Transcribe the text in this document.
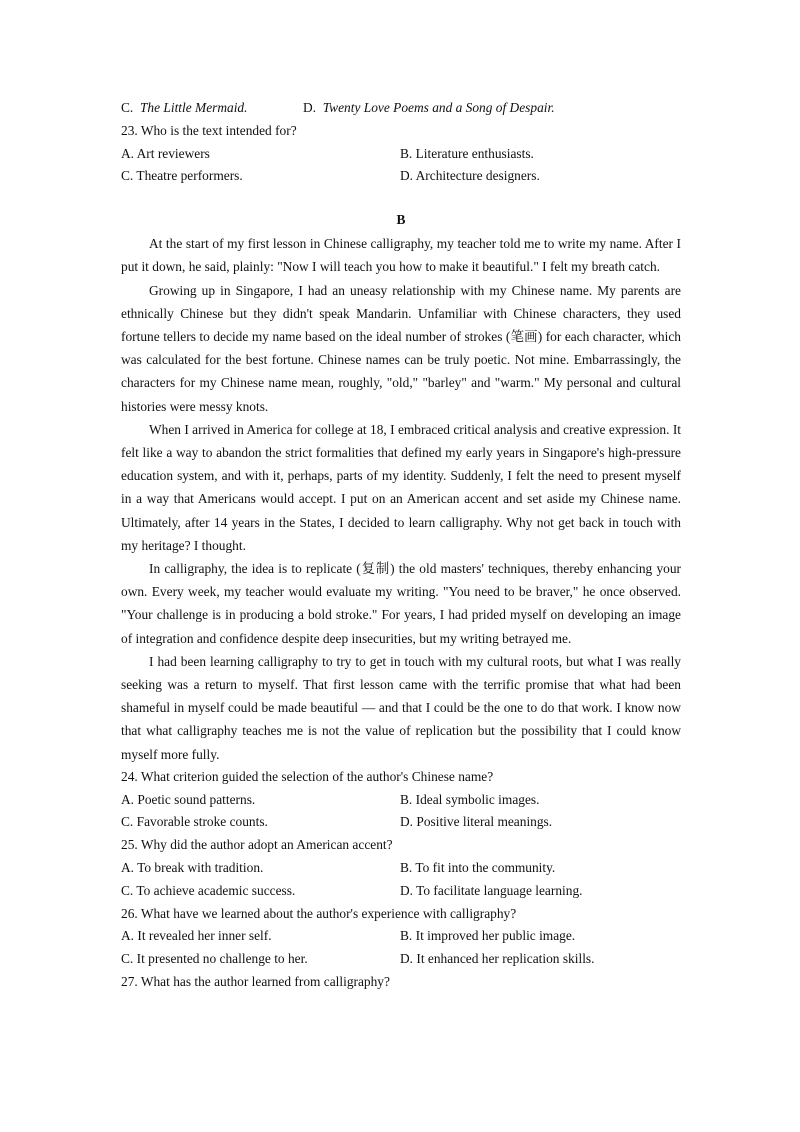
C. The Little Mermaid.	D. Twenty Love Poems and a Song of Despair.
23. Who is the text intended for?
A. Art reviewers	B. Literature enthusiasts.
C. Theatre performers.	D. Architecture designers.
B

At the start of my first lesson in Chinese calligraphy, my teacher told me to write my name. After I put it down, he said, plainly: "Now I will teach you how to make it beautiful." I felt my breath catch.

Growing up in Singapore, I had an uneasy relationship with my Chinese name. My parents are ethnically Chinese but they didn't speak Mandarin. Unfamiliar with Chinese characters, they used fortune tellers to decide my name based on the ideal number of strokes (笔画) for each character, which was calculated for the best fortune. Chinese names can be truly poetic. Not mine. Embarrassingly, the characters for my Chinese name mean, roughly, "old," "barley" and "warm." My personal and cultural histories were messy knots.

When I arrived in America for college at 18, I embraced critical analysis and creative expression. It felt like a way to abandon the strict formalities that defined my early years in Singapore's high-pressure education system, and with it, perhaps, parts of my identity. Suddenly, I felt the need to present myself in a way that Americans would accept. I put on an American accent and set aside my Chinese name. Ultimately, after 14 years in the States, I decided to learn calligraphy. Why not get back in touch with my heritage? I thought.

In calligraphy, the idea is to replicate (复制) the old masters' techniques, thereby enhancing your own. Every week, my teacher would evaluate my writing. "You need to be braver," he once observed. "Your challenge is in producing a bold stroke." For years, I had prided myself on developing an image of integration and confidence despite deep insecurities, but my writing betrayed me.

I had been learning calligraphy to try to get in touch with my cultural roots, but what I was really seeking was a return to myself. That first lesson came with the terrific promise that what had been shameful in myself could be made beautiful — and that I could be the one to do that work. I know now that what calligraphy teaches me is not the value of replication but the possibility that I could know myself more fully.

24. What criterion guided the selection of the author's Chinese name?
A. Poetic sound patterns.	B. Ideal symbolic images.
C. Favorable stroke counts.	D. Positive literal meanings.
25. Why did the author adopt an American accent?
A. To break with tradition.	B. To fit into the community.
C. To achieve academic success.	D. To facilitate language learning.
26. What have we learned about the author's experience with calligraphy?
A. It revealed her inner self.	B. It improved her public image.
C. It presented no challenge to her.	D. It enhanced her replication skills.
27. What has the author learned from calligraphy?
